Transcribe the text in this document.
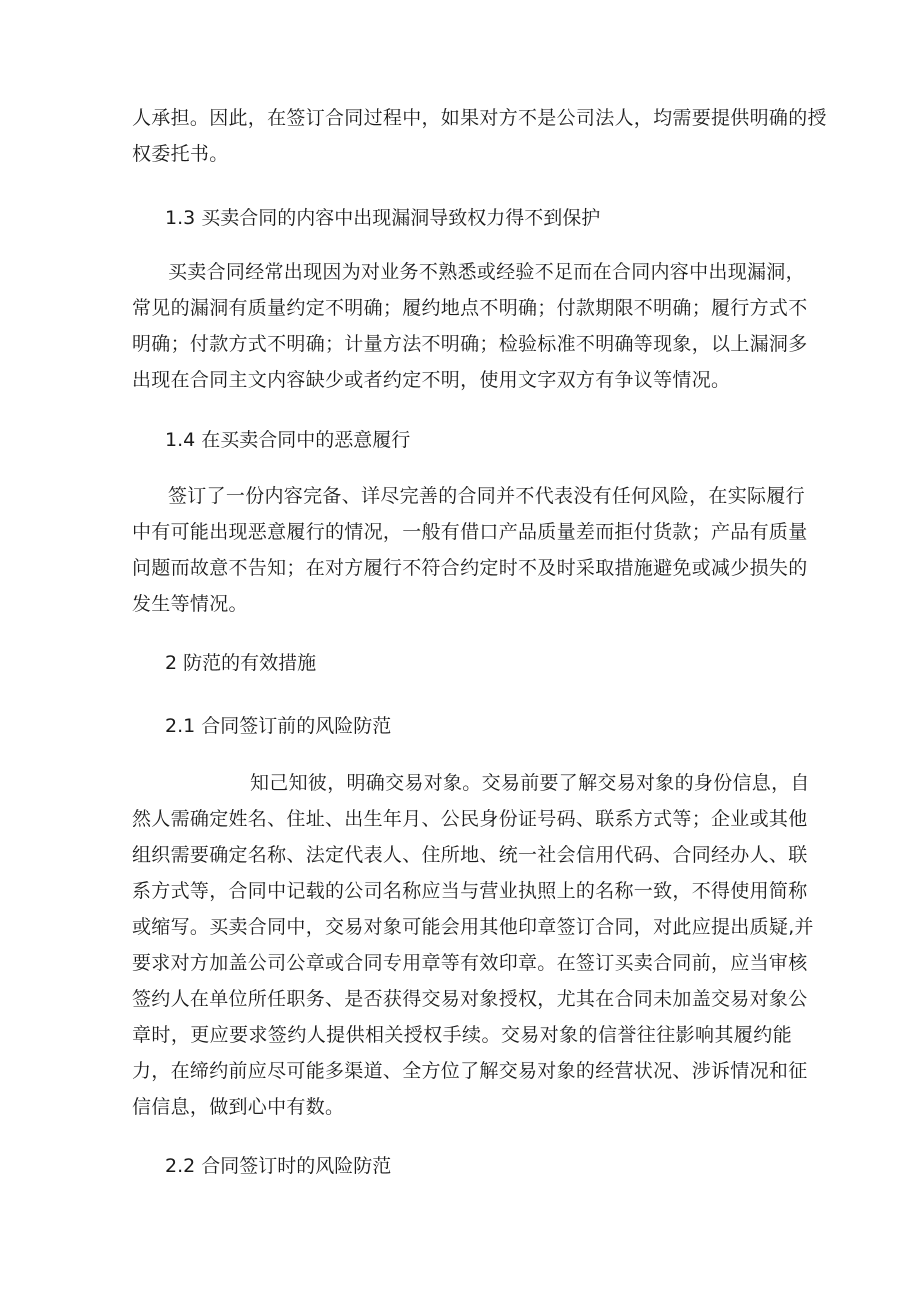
人承担。因此，在签订合同过程中，如果对方不是公司法人，均需要提供明确的授
权委托书。
1.3 买卖合同的内容中出现漏洞导致权力得不到保护
买卖合同经常出现因为对业务不熟悉或经验不足而在合同内容中出现漏洞，
常见的漏洞有质量约定不明确；履约地点不明确；付款期限不明确；履行方式不
明确；付款方式不明确；计量方法不明确；检验标准不明确等现象，以上漏洞多
出现在合同主文内容缺少或者约定不明，使用文字双方有争议等情况。
1.4 在买卖合同中的恶意履行
签订了一份内容完备、详尽完善的合同并不代表没有任何风险，在实际履行
中有可能出现恶意履行的情况，一般有借口产品质量差而拒付货款；产品有质量
问题而故意不告知；在对方履行不符合约定时不及时采取措施避免或减少损失的
发生等情况。
2 防范的有效措施
2.1 合同签订前的风险防范
知己知彼，明确交易对象。交易前要了解交易对象的身份信息，自
然人需确定姓名、住址、出生年月、公民身份证号码、联系方式等；企业或其他
组织需要确定名称、法定代表人、住所地、统一社会信用代码、合同经办人、联
系方式等，合同中记载的公司名称应当与营业执照上的名称一致，不得使用简称
或缩写。买卖合同中，交易对象可能会用其他印章签订合同，对此应提出质疑,并
要求对方加盖公司公章或合同专用章等有效印章。在签订买卖合同前，应当审核
签约人在单位所任职务、是否获得交易对象授权，尤其在合同未加盖交易对象公
章时，更应要求签约人提供相关授权手续。交易对象的信誉往往影响其履约能
力，在缔约前应尽可能多渠道、全方位了解交易对象的经营状况、涉诉情况和征
信信息，做到心中有数。
2.2 合同签订时的风险防范
